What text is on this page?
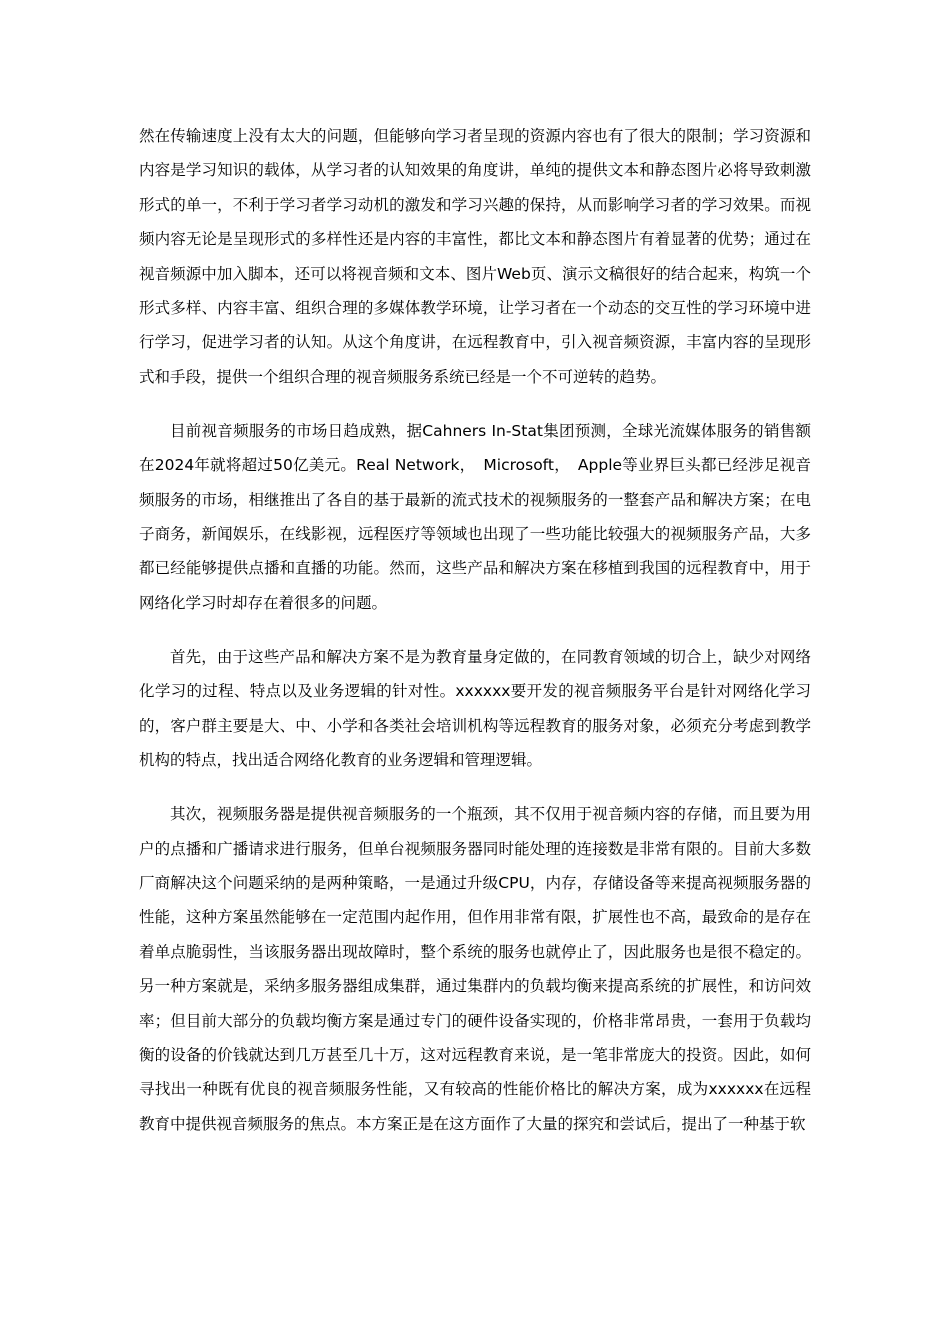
然在传输速度上没有太大的问题，但能够向学习者呈现的资源内容也有了很大的限制；学习资源和内容是学习知识的载体，从学习者的认知效果的角度讲，单纯的提供文本和静态图片必将导致刺激形式的单一，不利于学习者学习动机的激发和学习兴趣的保持，从而影响学习者的学习效果。而视频内容无论是呈现形式的多样性还是内容的丰富性，都比文本和静态图片有着显著的优势；通过在视音频源中加入脚本，还可以将视音频和文本、图片Web页、演示文稿很好的结合起来，构筑一个形式多样、内容丰富、组织合理的多媒体教学环境，让学习者在一个动态的交互性的学习环境中进行学习，促进学习者的认知。从这个角度讲，在远程教育中，引入视音频资源，丰富内容的呈现形式和手段，提供一个组织合理的视音频服务系统已经是一个不可逆转的趋势。

目前视音频服务的市场日趋成熟，据Cahners In-Stat集团预测，全球光流媒体服务的销售额在2024年就将超过50亿美元。Real Network，　Microsoft，　Apple等业界巨头都已经涉足视音频服务的市场，相继推出了各自的基于最新的流式技术的视频服务的一整套产品和解决方案；在电子商务，新闻娱乐，在线影视，远程医疗等领域也出现了一些功能比较强大的视频服务产品，大多都已经能够提供点播和直播的功能。然而，这些产品和解决方案在移植到我国的远程教育中，用于网络化学习时却存在着很多的问题。

首先，由于这些产品和解决方案不是为教育量身定做的，在同教育领域的切合上，缺少对网络化学习的过程、特点以及业务逻辑的针对性。xxxxxx要开发的视音频服务平台是针对网络化学习的，客户群主要是大、中、小学和各类社会培训机构等远程教育的服务对象，必须充分考虑到教学机构的特点，找出适合网络化教育的业务逻辑和管理逻辑。

其次，视频服务器是提供视音频服务的一个瓶颈，其不仅用于视音频内容的存储，而且要为用户的点播和广播请求进行服务，但单台视频服务器同时能处理的连接数是非常有限的。目前大多数厂商解决这个问题采纳的是两种策略，一是通过升级CPU，内存，存储设备等来提高视频服务器的性能，这种方案虽然能够在一定范围内起作用，但作用非常有限，扩展性也不高，最致命的是存在着单点脆弱性，当该服务器出现故障时，整个系统的服务也就停止了，因此服务也是很不稳定的。另一种方案就是，采纳多服务器组成集群，通过集群内的负载均衡来提高系统的扩展性，和访问效率；但目前大部分的负载均衡方案是通过专门的硬件设备实现的，价格非常昂贵，一套用于负载均衡的设备的价钱就达到几万甚至几十万，这对远程教育来说，是一笔非常庞大的投资。因此，如何寻找出一种既有优良的视音频服务性能，又有较高的性能价格比的解决方案，成为xxxxxx在远程教育中提供视音频服务的焦点。本方案正是在这方面作了大量的探究和尝试后，提出了一种基于软
